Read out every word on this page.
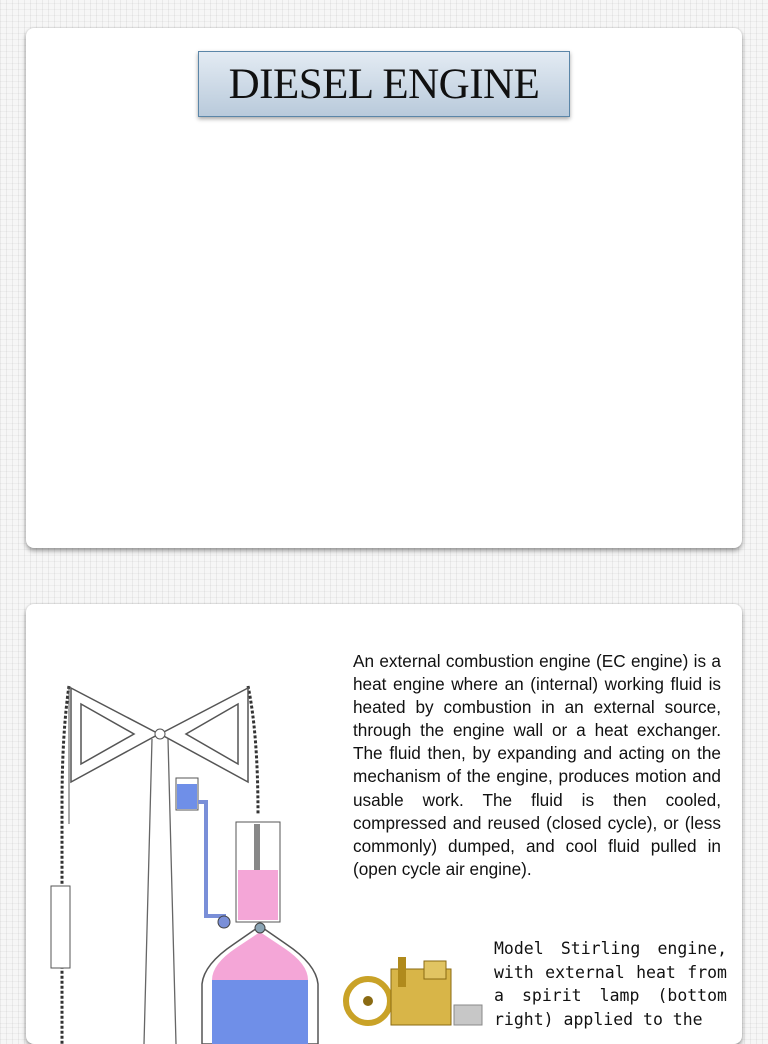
DIESEL ENGINE

An external combustion engine (EC engine) is a heat engine where an (internal) working fluid is heated by combustion in an external source, through the engine wall or a heat exchanger. The fluid then, by expanding and acting on the mechanism of the engine, produces motion and usable work. The fluid is then cooled, compressed and reused (closed cycle), or (less commonly) dumped, and cool fluid pulled in (open cycle air engine).

Model Stirling engine, with external heat from a spirit lamp (bottom right) applied to the
